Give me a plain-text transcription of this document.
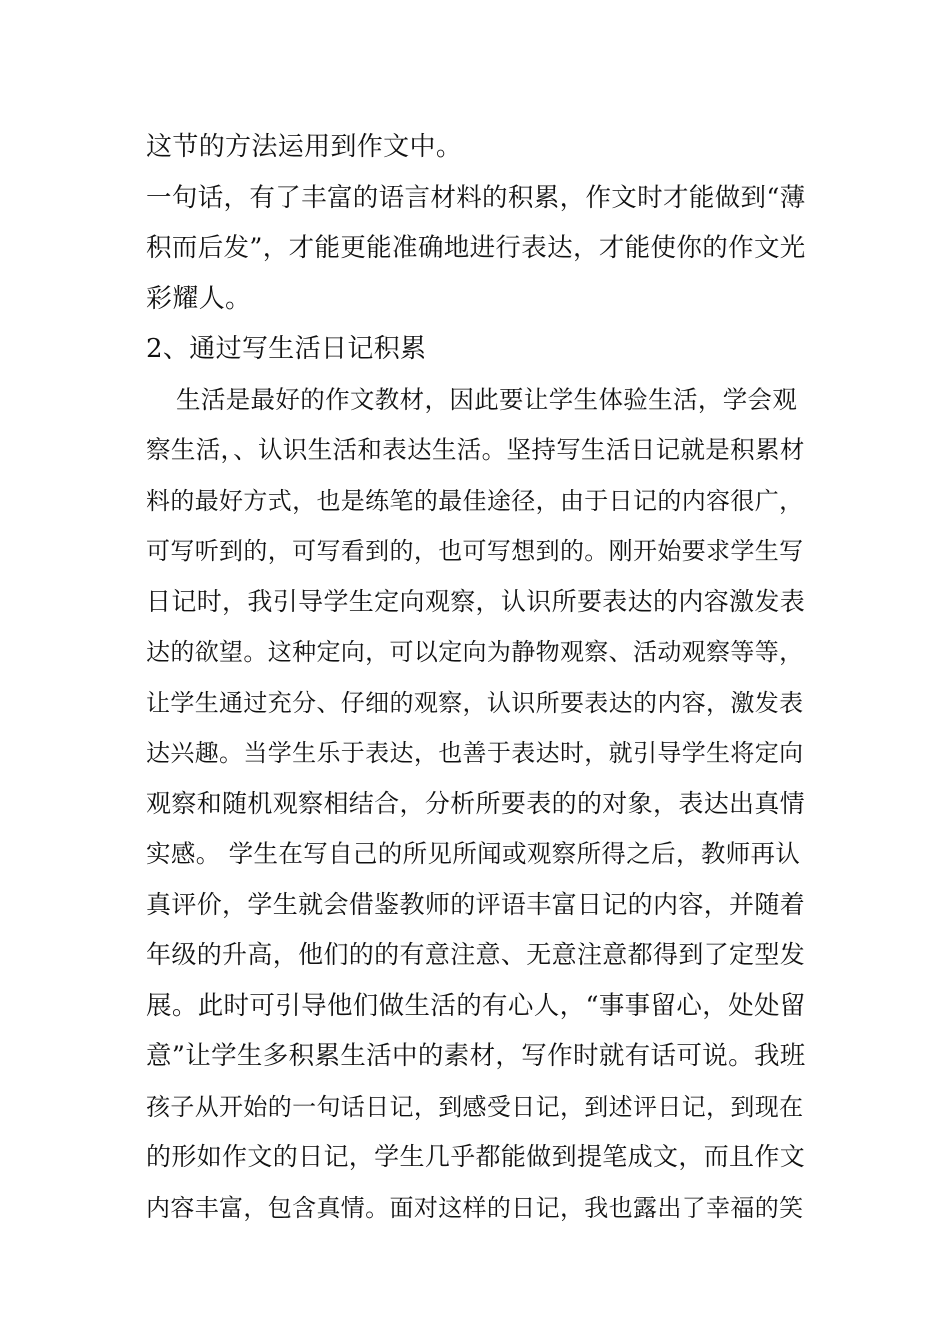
这节的方法运用到作文中。
一句话，有了丰富的语言材料的积累，作文时才能做到“薄
积而后发”，才能更能准确地进行表达，才能使你的作文光
彩耀人。
2、通过写生活日记积累
生活是最好的作文教材，因此要让学生体验生活，学会观
察生活，、认识生活和表达生活。坚持写生活日记就是积累材
料的最好方式，也是练笔的最佳途径，由于日记的内容很广，
可写听到的，可写看到的，也可写想到的。刚开始要求学生写
日记时，我引导学生定向观察，认识所要表达的内容激发表
达的欲望。这种定向，可以定向为静物观察、活动观察等等，
让学生通过充分、仔细的观察，认识所要表达的内容，激发表
达兴趣。当学生乐于表达，也善于表达时，就引导学生将定向
观察和随机观察相结合，分析所要表的的对象，表达出真情
实感。 学生在写自己的所见所闻或观察所得之后，教师再认
真评价，学生就会借鉴教师的评语丰富日记的内容，并随着
年级的升高，他们的的有意注意、无意注意都得到了定型发
展。此时可引导他们做生活的有心人，“事事留心，处处留
意”让学生多积累生活中的素材，写作时就有话可说。我班
孩子从开始的一句话日记，到感受日记，到述评日记，到现在
的形如作文的日记，学生几乎都能做到提笔成文，而且作文
内容丰富，包含真情。面对这样的日记，我也露出了幸福的笑
